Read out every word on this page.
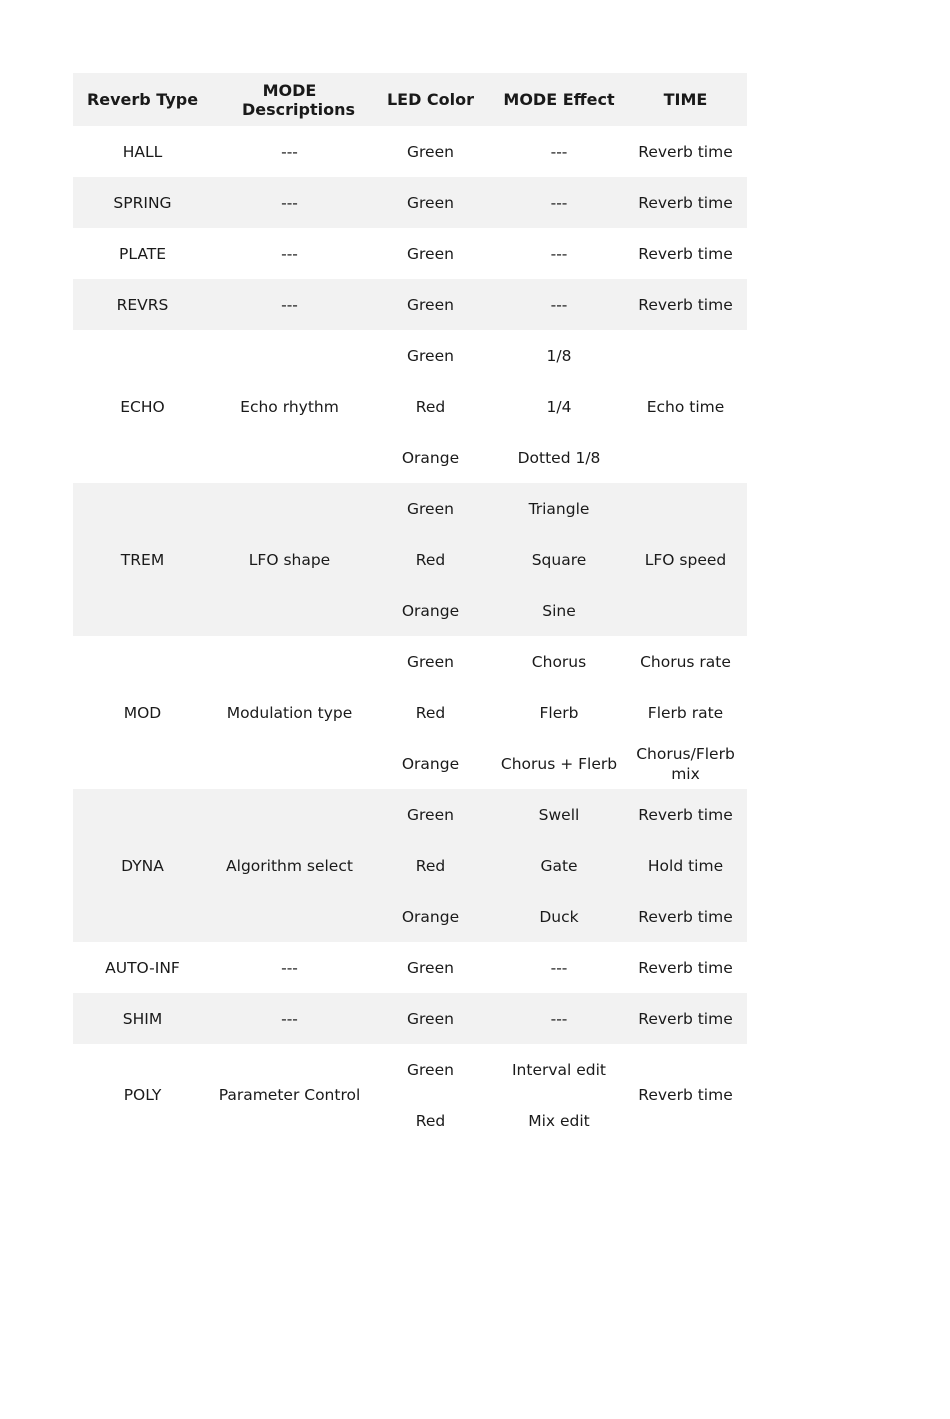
Reverb Type	MODE Descriptions	LED Color	MODE Effect	TIME
HALL	---	Green	---	Reverb time
SPRING	---	Green	---	Reverb time
PLATE	---	Green	---	Reverb time
REVRS	---	Green	---	Reverb time
ECHO	Echo rhythm	Green	1/8	Echo time
		Red	1/4	
		Orange	Dotted 1/8	
TREM	LFO shape	Green	Triangle	LFO speed
		Red	Square	
		Orange	Sine	
MOD	Modulation type	Green	Chorus	Chorus rate
		Red	Flerb	Flerb rate
		Orange	Chorus + Flerb	Chorus/Flerb mix
DYNA	Algorithm select	Green	Swell	Reverb time
		Red	Gate	Hold time
		Orange	Duck	Reverb time
AUTO-INF	---	Green	---	Reverb time
SHIM	---	Green	---	Reverb time
POLY	Parameter Control	Green	Interval edit	Reverb time
		Red	Mix edit	
